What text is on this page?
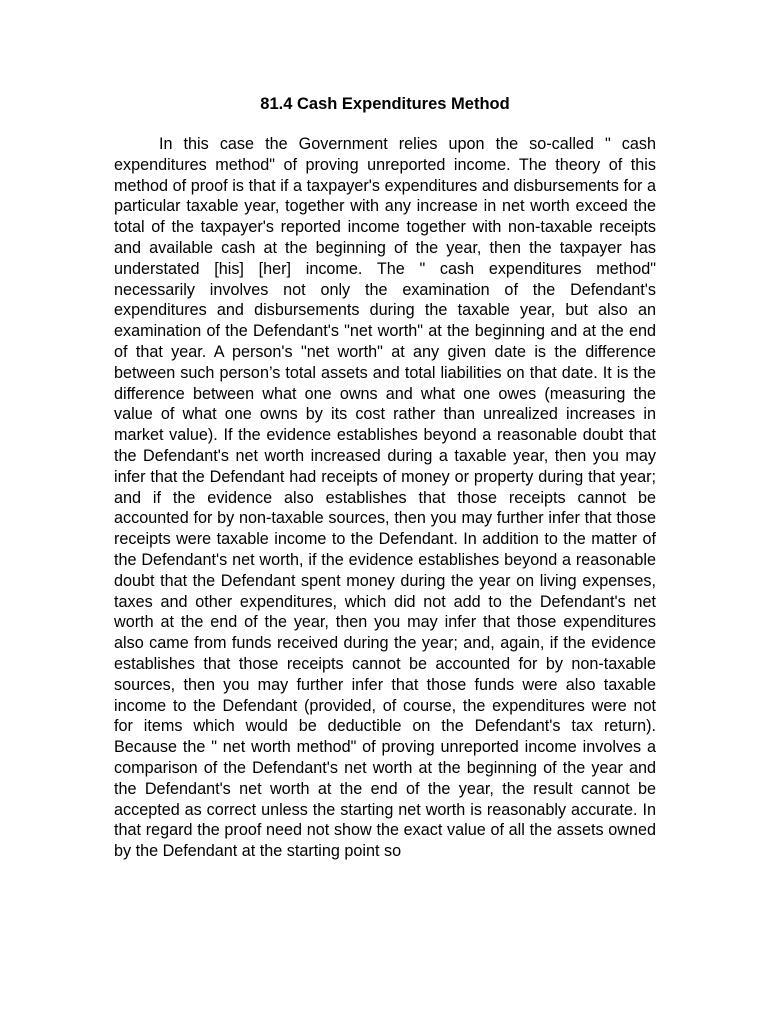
81.4 Cash Expenditures Method

In this case the Government relies upon the so-called " cash expenditures method" of proving unreported income. The theory of this method of proof is that if a taxpayer's expenditures and disbursements for a particular taxable year, together with any increase in net worth exceed the total of the taxpayer's reported income together with non-taxable receipts and available cash at the beginning of the year, then the taxpayer has understated [his] [her] income. The " cash expenditures method" necessarily involves not only the examination of the Defendant's expenditures and disbursements during the taxable year, but also an examination of the Defendant's "net worth" at the beginning and at the end of that year. A person's "net worth" at any given date is the difference between such person’s total assets and total liabilities on that date. It is the difference between what one owns and what one owes (measuring the value of what one owns by its cost rather than unrealized increases in market value). If the evidence establishes beyond a reasonable doubt that the Defendant's net worth increased during a taxable year, then you may infer that the Defendant had receipts of money or property during that year; and if the evidence also establishes that those receipts cannot be accounted for by non-taxable sources, then you may further infer that those receipts were taxable income to the Defendant. In addition to the matter of the Defendant's net worth, if the evidence establishes beyond a reasonable doubt that the Defendant spent money during the year on living expenses, taxes and other expenditures, which did not add to the Defendant's net worth at the end of the year, then you may infer that those expenditures also came from funds received during the year; and, again, if the evidence establishes that those receipts cannot be accounted for by non-taxable sources, then you may further infer that those funds were also taxable income to the Defendant (provided, of course, the expenditures were not for items which would be deductible on the Defendant's tax return). Because the " net worth method" of proving unreported income involves a comparison of the Defendant's net worth at the beginning of the year and the Defendant's net worth at the end of the year, the result cannot be accepted as correct unless the starting net worth is reasonably accurate. In that regard the proof need not show the exact value of all the assets owned by the Defendant at the starting point so
